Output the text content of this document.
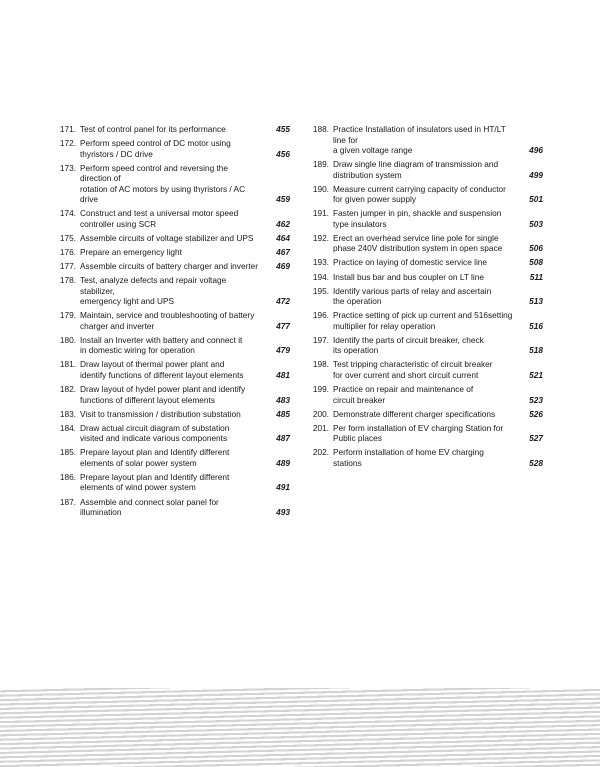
171. Test of control panel for its performance	455
172. Perform speed control of DC motor using
thyristors / DC drive	456
173. Perform speed control and reversing the direction of
rotation of AC motors by using thyristors / AC drive	459
174. Construct and test a universal motor speed
controller using SCR	462
175. Assemble circuits of voltage stabilizer and UPS	464
176. Prepare an emergency light	467
177. Assemble circuits of battery charger and inverter 469
178. Test, analyze defects and repair voltage stabilizer,
emergency light and UPS	472
179. Maintain, service and troubleshooting of battery
charger and inverter	477
180. Install an Inverter with battery and connect it
in domestic wiring for operation	479
181. Draw layout of thermal power plant and
identify functions of different layout elements	481
182. Draw layout of hydel power plant and identify
functions of different layout elements	483
183. Visit to transmission / distribution substation	485
184. Draw actual circuit diagram of substation
visited and indicate various components	487
185. Prepare layout plan and Identify different
elements of solar power system	489
186. Prepare layout plan and Identify different
elements of wind power system	491
187. Assemble and connect solar panel for illumination	493
188. Practice Installation of insulators used in HT/LT line for
a given voltage range	496
189. Draw single line diagram of transmission and
distribution system	499
190. Measure current carrying capacity of conductor
for given power supply	501
191. Fasten jumper in pin, shackle and suspension
type insulators	503
192. Erect an overhead service line pole for single
phase 240V distribution system in open space	506
193. Practice on laying of domestic service line	508
194. Install bus bar and bus coupler on LT line	511
195. Identify various parts of relay and ascertain
the operation	513
196. Practice setting of pick up current and 516setting
multiplier for relay operation	516
197. Identify the parts of circuit breaker, check
its operation	518
198. Test tripping characteristic of circuit breaker
for over current and short circuit current	521
199. Practice on repair and maintenance of
circuit breaker	523
200. Demonstrate different charger specifications	526
201. Per form installation of EV charging Station for
Public places	527
202. Perform installation of home EV charging stations	528
